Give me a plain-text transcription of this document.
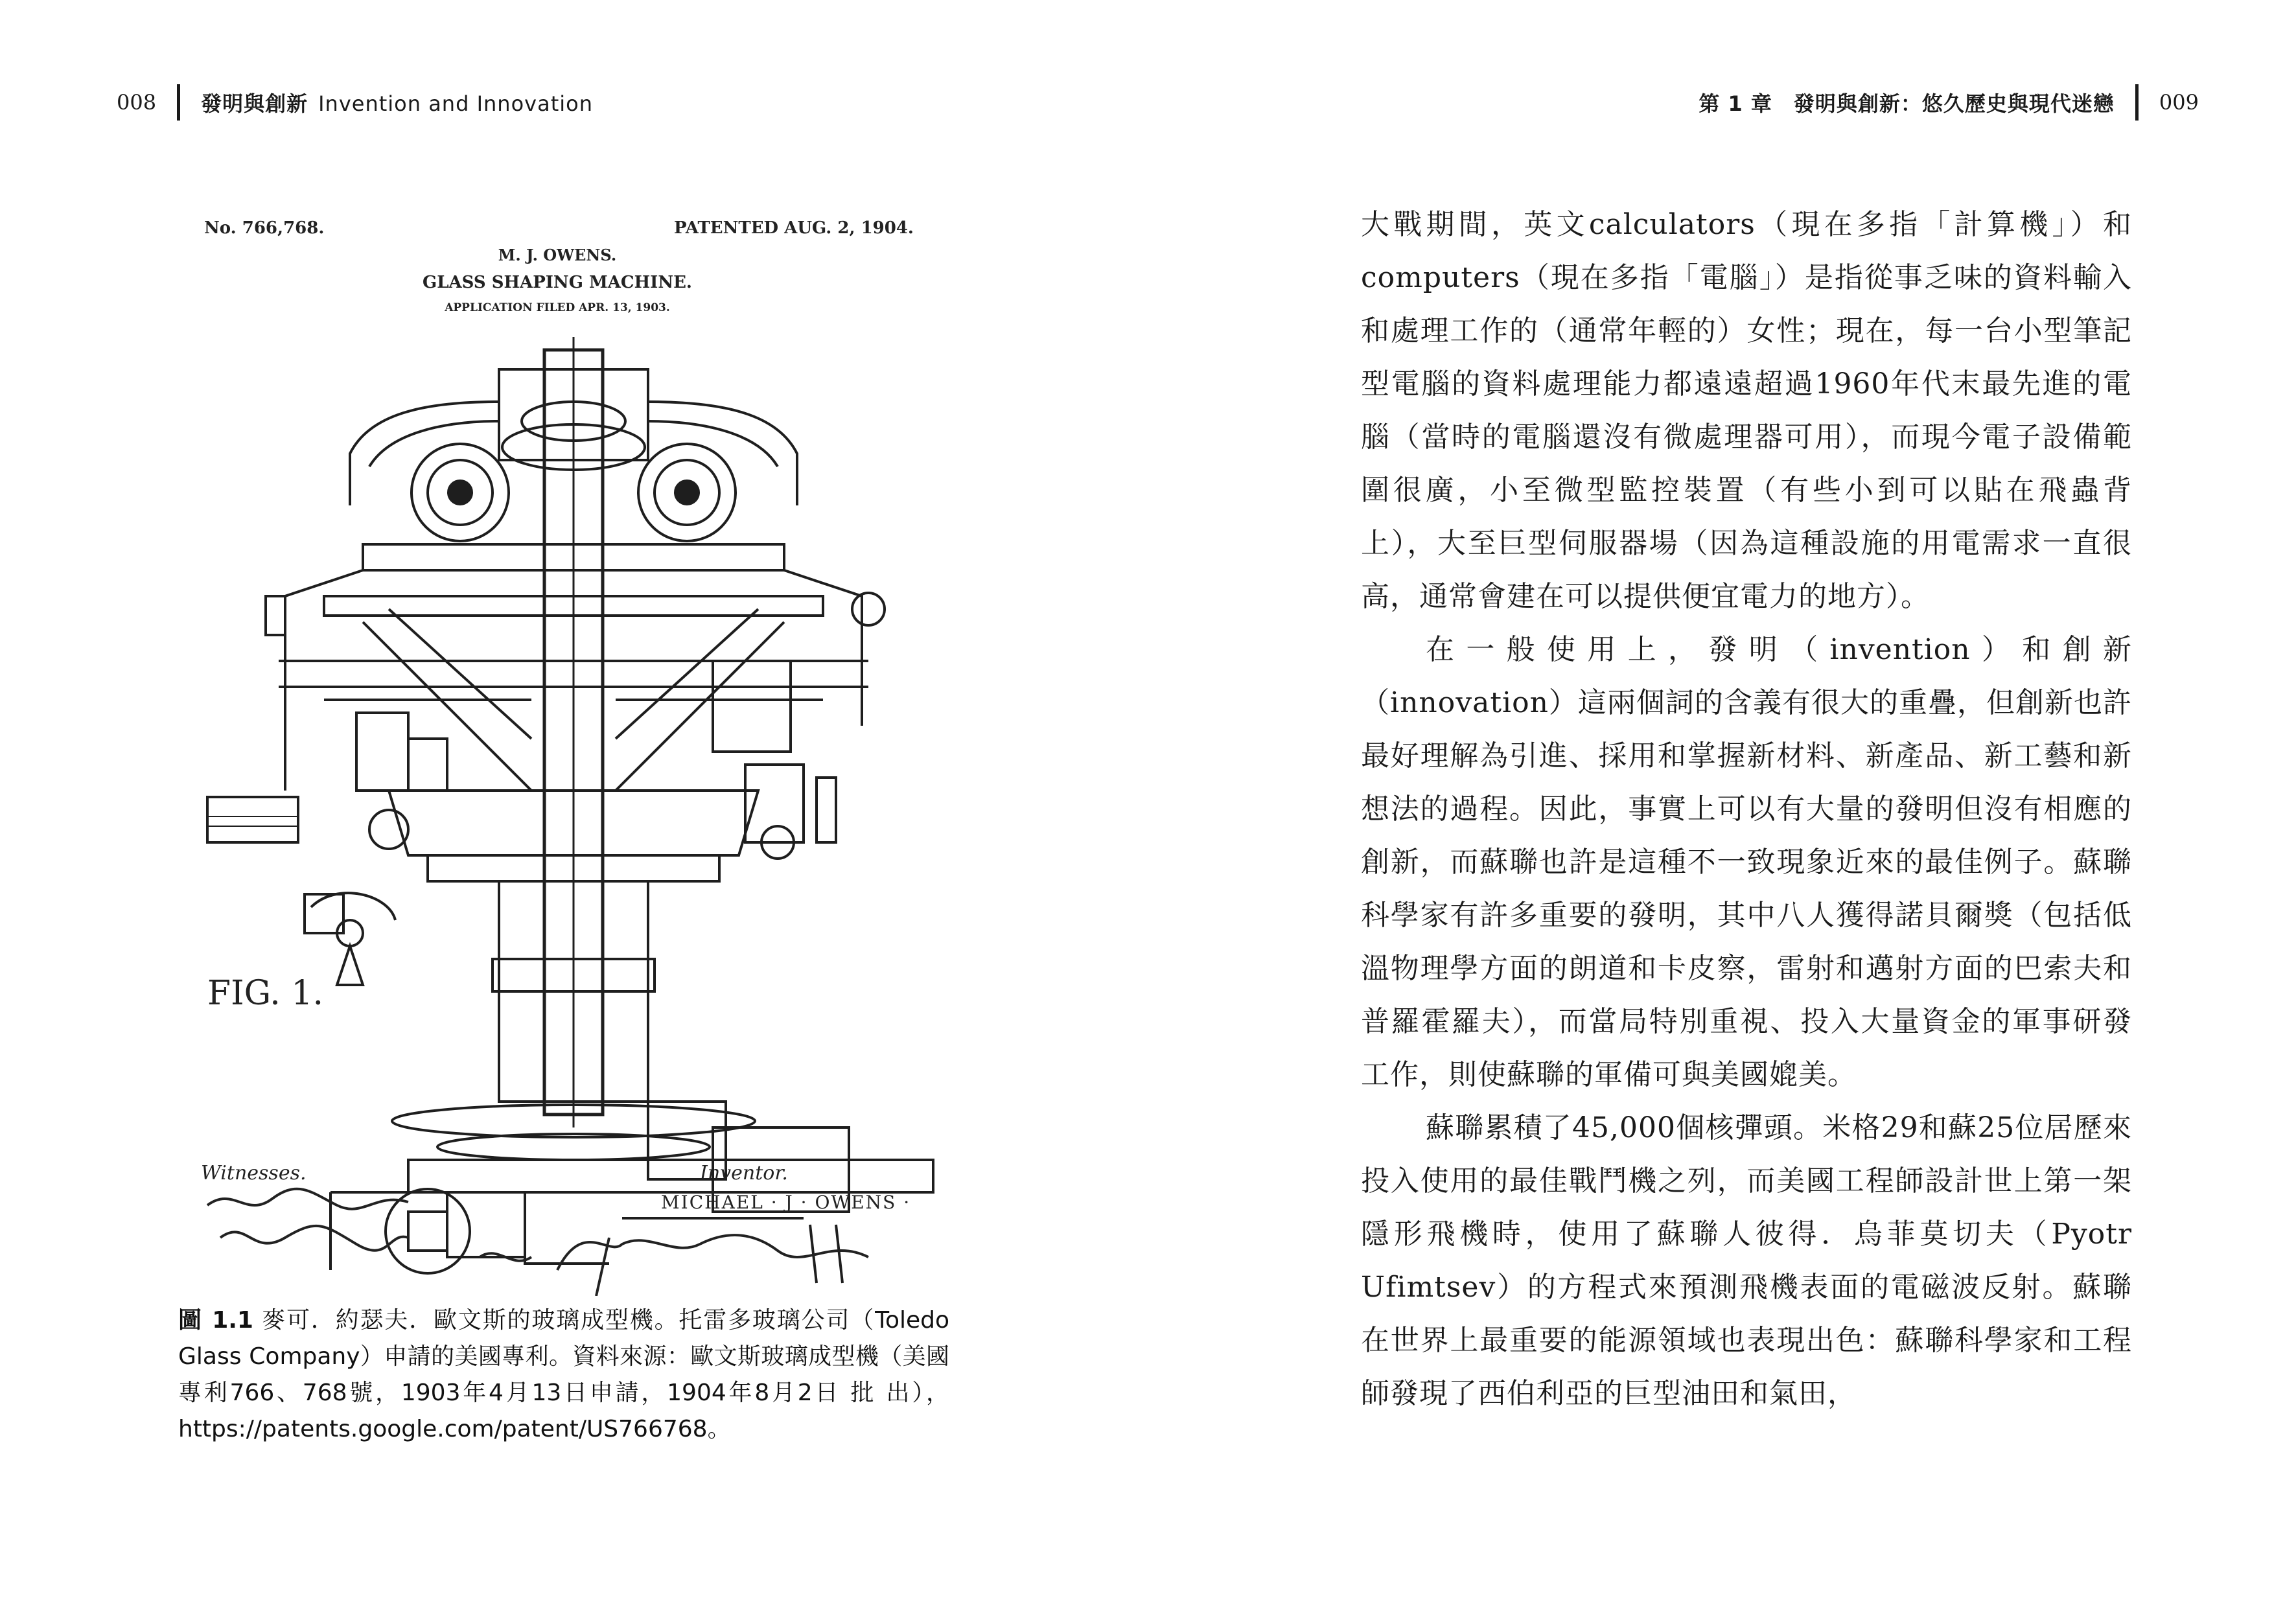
008 發明與創新 Invention and Innovation	第 1 章　發明與創新：悠久歷史與現代迷戀 009
No. 766,768.	PATENTED AUG. 2, 1904.
M. J. OWENS.
GLASS SHAPING MACHINE.
APPLICATION FILED APR. 13, 1903.
FIG. 1.
Witnesses.	Inventor.
MICHAEL · J · OWENS ·

圖 1.1 麥可．約瑟夫．歐文斯的玻璃成型機。托雷多玻璃公司（Toledo Glass Company）申請的美國專利。資料來源：歐文斯玻璃成型機（美國專利766、768號，1903年4月13日申請，1904年8月2日 批 出），https://patents.google.com/patent/US766768。

大戰期間，英文calculators（現在多指「計算機」）和computers（現在多指「電腦」）是指從事乏味的資料輸入和處理工作的（通常年輕的）女性；現在，每一台小型筆記型電腦的資料處理能力都遠遠超過1960年代末最先進的電腦（當時的電腦還沒有微處理器可用），而現今電子設備範圍很廣，小至微型監控裝置（有些小到可以貼在飛蟲背上），大至巨型伺服器場（因為這種設施的用電需求一直很高，通常會建在可以提供便宜電力的地方）。

在一般使用上，發明（invention）和創新（innovation）這兩個詞的含義有很大的重疊，但創新也許最好理解為引進、採用和掌握新材料、新產品、新工藝和新想法的過程。因此，事實上可以有大量的發明但沒有相應的創新，而蘇聯也許是這種不一致現象近來的最佳例子。蘇聯科學家有許多重要的發明，其中八人獲得諾貝爾獎（包括低溫物理學方面的朗道和卡皮察，雷射和邁射方面的巴索夫和普羅霍羅夫），而當局特別重視、投入大量資金的軍事研發工作，則使蘇聯的軍備可與美國媲美。

蘇聯累積了45,000個核彈頭。米格29和蘇25位居歷來投入使用的最佳戰鬥機之列，而美國工程師設計世上第一架隱形飛機時，使用了蘇聯人彼得．烏菲莫切夫（Pyotr Ufimtsev）的方程式來預測飛機表面的電磁波反射。蘇聯在世界上最重要的能源領域也表現出色：蘇聯科學家和工程師發現了西伯利亞的巨型油田和氣田，
